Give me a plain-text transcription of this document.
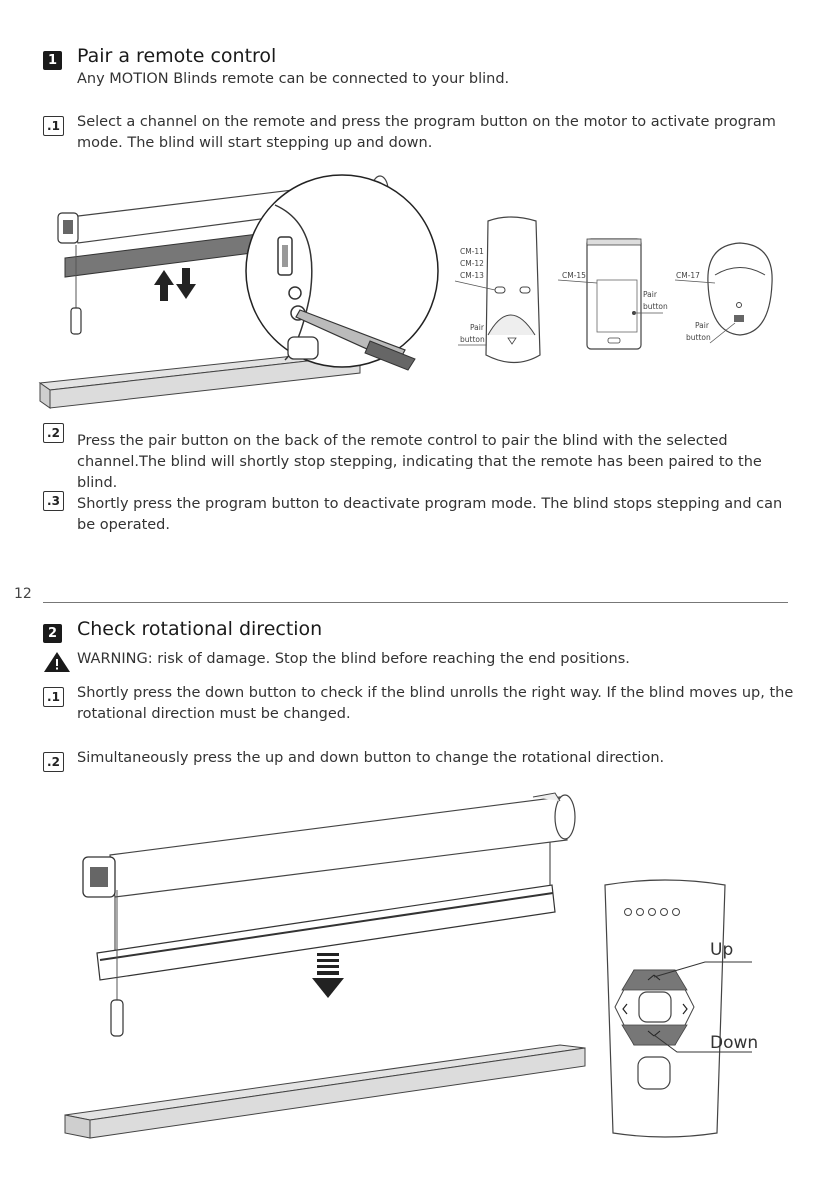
1 Pair a remote control
Any MOTION Blinds remote can be connected to your blind.
.1 Select a channel on the remote and press the program button on the motor to activate program mode. The blind will start stepping up and down.
CM-11
CM-12
CM-13	CM-15	CM-17
Pair
button
Pair
button
Pair
button
.2 Press the pair button on the back of the remote control to pair the blind with the selected channel.The blind will shortly stop stepping, indicating that the remote has been paired to the blind.
.3 Shortly press the program button to deactivate program mode. The blind stops stepping and can be operated.
12
2 Check rotational direction
WARNING: risk of damage. Stop the blind before reaching the end positions.
.1 Shortly press the down button to check if the blind unrolls the right way. If the blind moves up, the rotational direction must be changed.
.2 Simultaneously press the up and down button to change the rotational direction.
Up
Down
